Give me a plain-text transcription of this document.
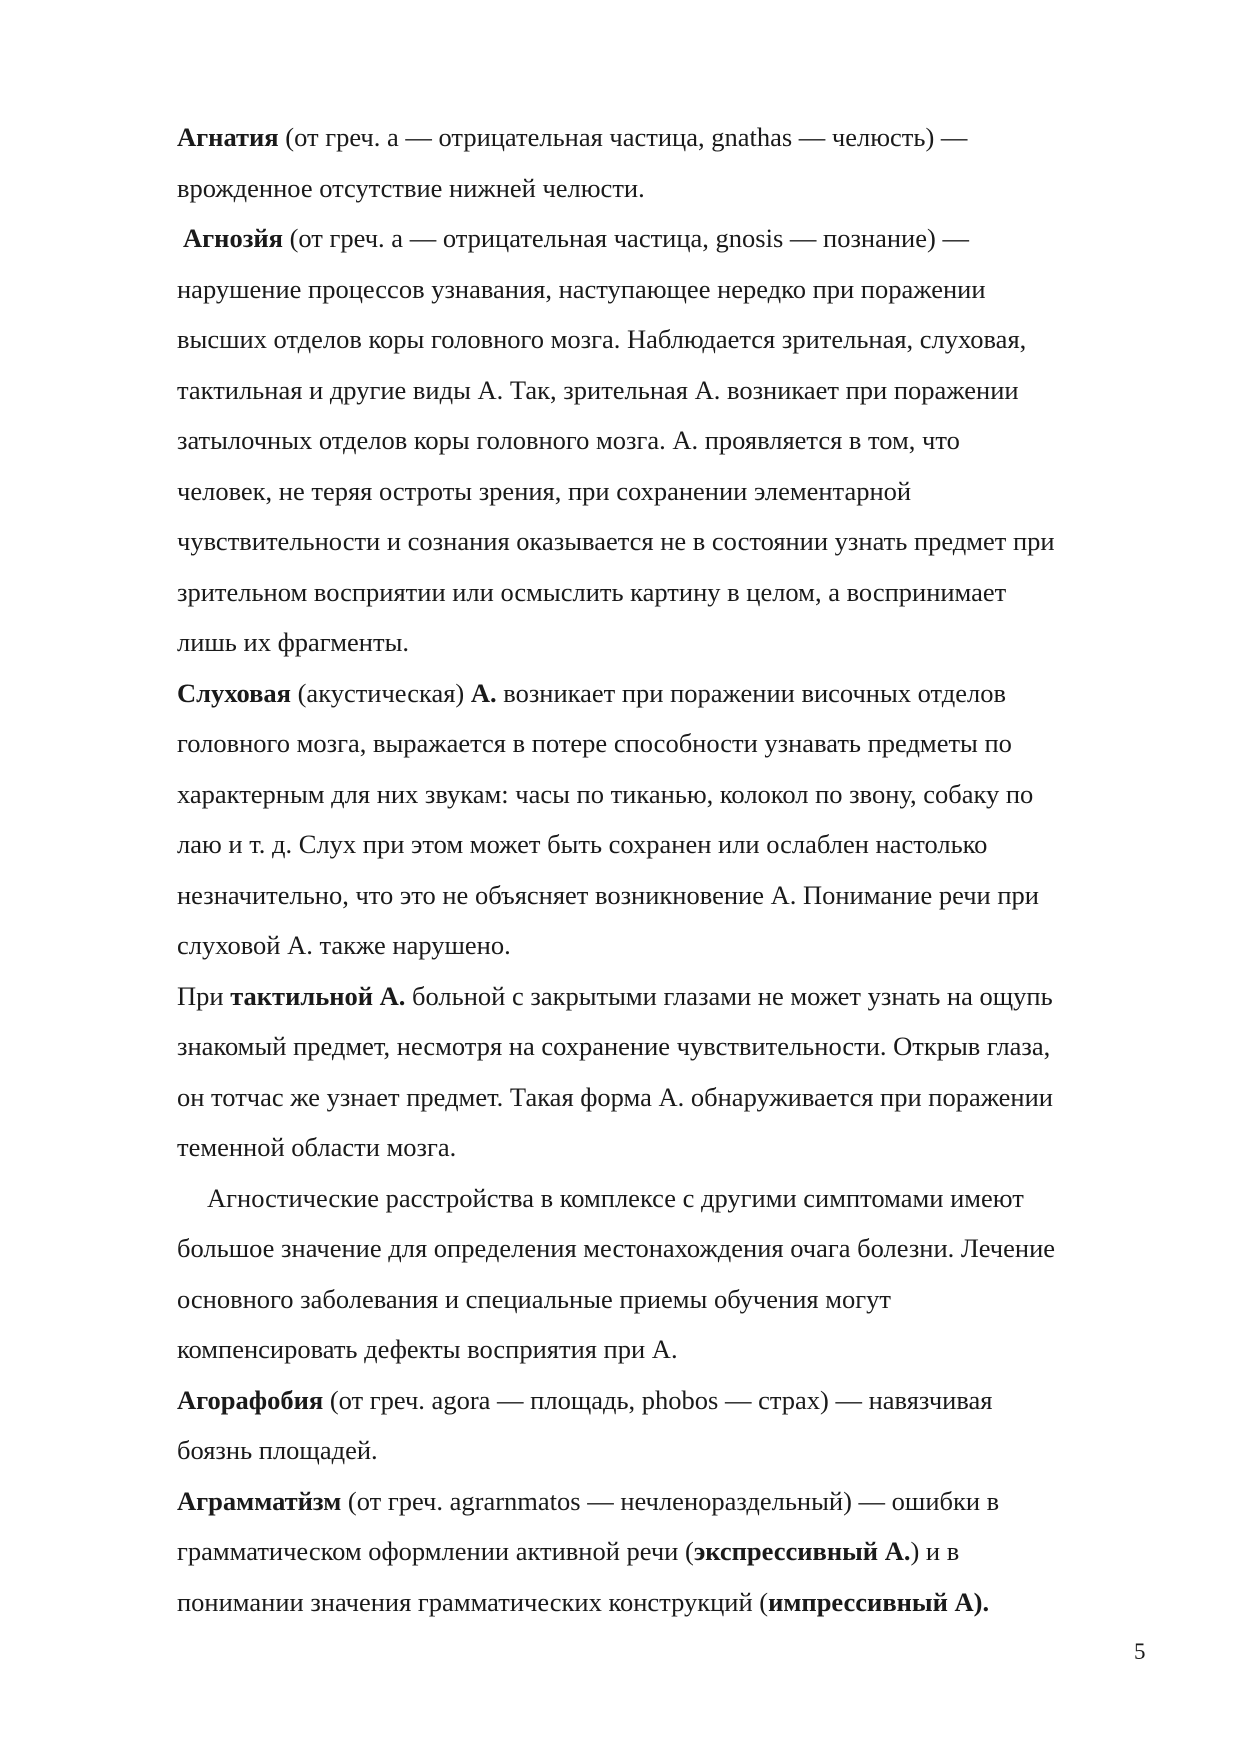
Агнатия (от греч. а — отрицательная частица, gnathas — челюсть) —
врожденное отсутствие нижней челюсти.
Агнозйя (от греч. а — отрицательная частица, gnosis — познание) —
нарушение процессов узнавания, наступающее нередко при поражении
высших отделов коры головного мозга. Наблюдается зрительная, слуховая,
тактильная и другие виды А. Так, зрительная А. возникает при поражении
затылочных отделов коры головного мозга. А. проявляется в том, что
человек, не теряя остроты зрения, при сохранении элементарной
чувствительности и сознания оказывается не в состоянии узнать предмет при
зрительном восприятии или осмыслить картину в целом, а воспринимает
лишь их фрагменты.
Слуховая (акустическая) А. возникает при поражении височных отделов
головного мозга, выражается в потере способности узнавать предметы по
характерным для них звукам: часы по тиканью, колокол по звону, собаку по
лаю и т. д. Слух при этом может быть сохранен или ослаблен настолько
незначительно, что это не объясняет возникновение А. Понимание речи при
слуховой А. также нарушено.
При тактильной А. больной с закрытыми глазами не может узнать на ощупь
знакомый предмет, несмотря на сохранение чувствительности. Открыв глаза,
он тотчас же узнает предмет. Такая форма А. обнаруживается при поражении
теменной области мозга.
Агностические расстройства в комплексе с другими симптомами имеют
большое значение для определения местонахождения очага болезни. Лечение
основного заболевания и специальные приемы обучения могут
компенсировать дефекты восприятия при А.
Агорафобия (от греч. agora — площадь, phobos — страх) — навязчивая
боязнь площадей.
Аграмматйзм (от греч. agrarnmatos — нечленораздельный) — ошибки в
грамматическом оформлении активной речи (экспрессивный А.) и в
понимании значения грамматических конструкций (импрессивный А).
5
